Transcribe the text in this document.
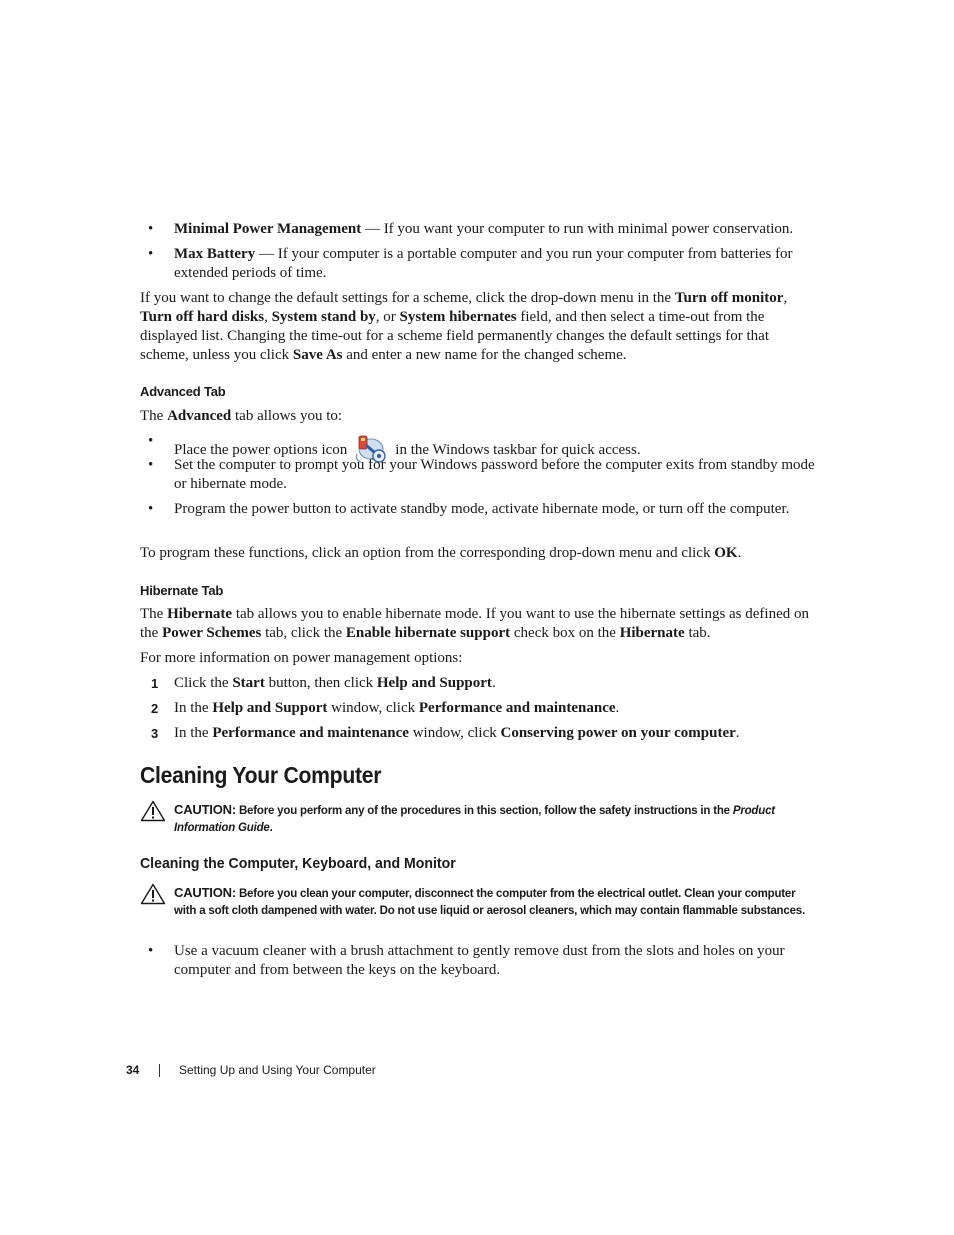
• Minimal Power Management — If you want your computer to run with minimal power conservation.
• Max Battery — If your computer is a portable computer and you run your computer from batteries for extended periods of time.
If you want to change the default settings for a scheme, click the drop-down menu in the Turn off monitor, Turn off hard disks, System stand by, or System hibernates field, and then select a time-out from the displayed list. Changing the time-out for a scheme field permanently changes the default settings for that scheme, unless you click Save As and enter a new name for the changed scheme.
Advanced Tab
The Advanced tab allows you to:
•
Place the power options icon	in the Windows taskbar for quick access.
• Set the computer to prompt you for your Windows password before the computer exits from standby mode or hibernate mode.
• Program the power button to activate standby mode, activate hibernate mode, or turn off the computer.
To program these functions, click an option from the corresponding drop-down menu and click OK.
Hibernate Tab
The Hibernate tab allows you to enable hibernate mode. If you want to use the hibernate settings as defined on the Power Schemes tab, click the Enable hibernate support check box on the Hibernate tab.
For more information on power management options:
1 Click the Start button, then click Help and Support.
2 In the Help and Support window, click Performance and maintenance.
3 In the Performance and maintenance window, click Conserving power on your computer.
Cleaning Your Computer
CAUTION: Before you perform any of the procedures in this section, follow the safety instructions in the Product Information Guide.
Cleaning the Computer, Keyboard, and Monitor
CAUTION: Before you clean your computer, disconnect the computer from the electrical outlet. Clean your computer with a soft cloth dampened with water. Do not use liquid or aerosol cleaners, which may contain flammable substances.
• Use a vacuum cleaner with a brush attachment to gently remove dust from the slots and holes on your computer and from between the keys on the keyboard.
34	Setting Up and Using Your Computer
